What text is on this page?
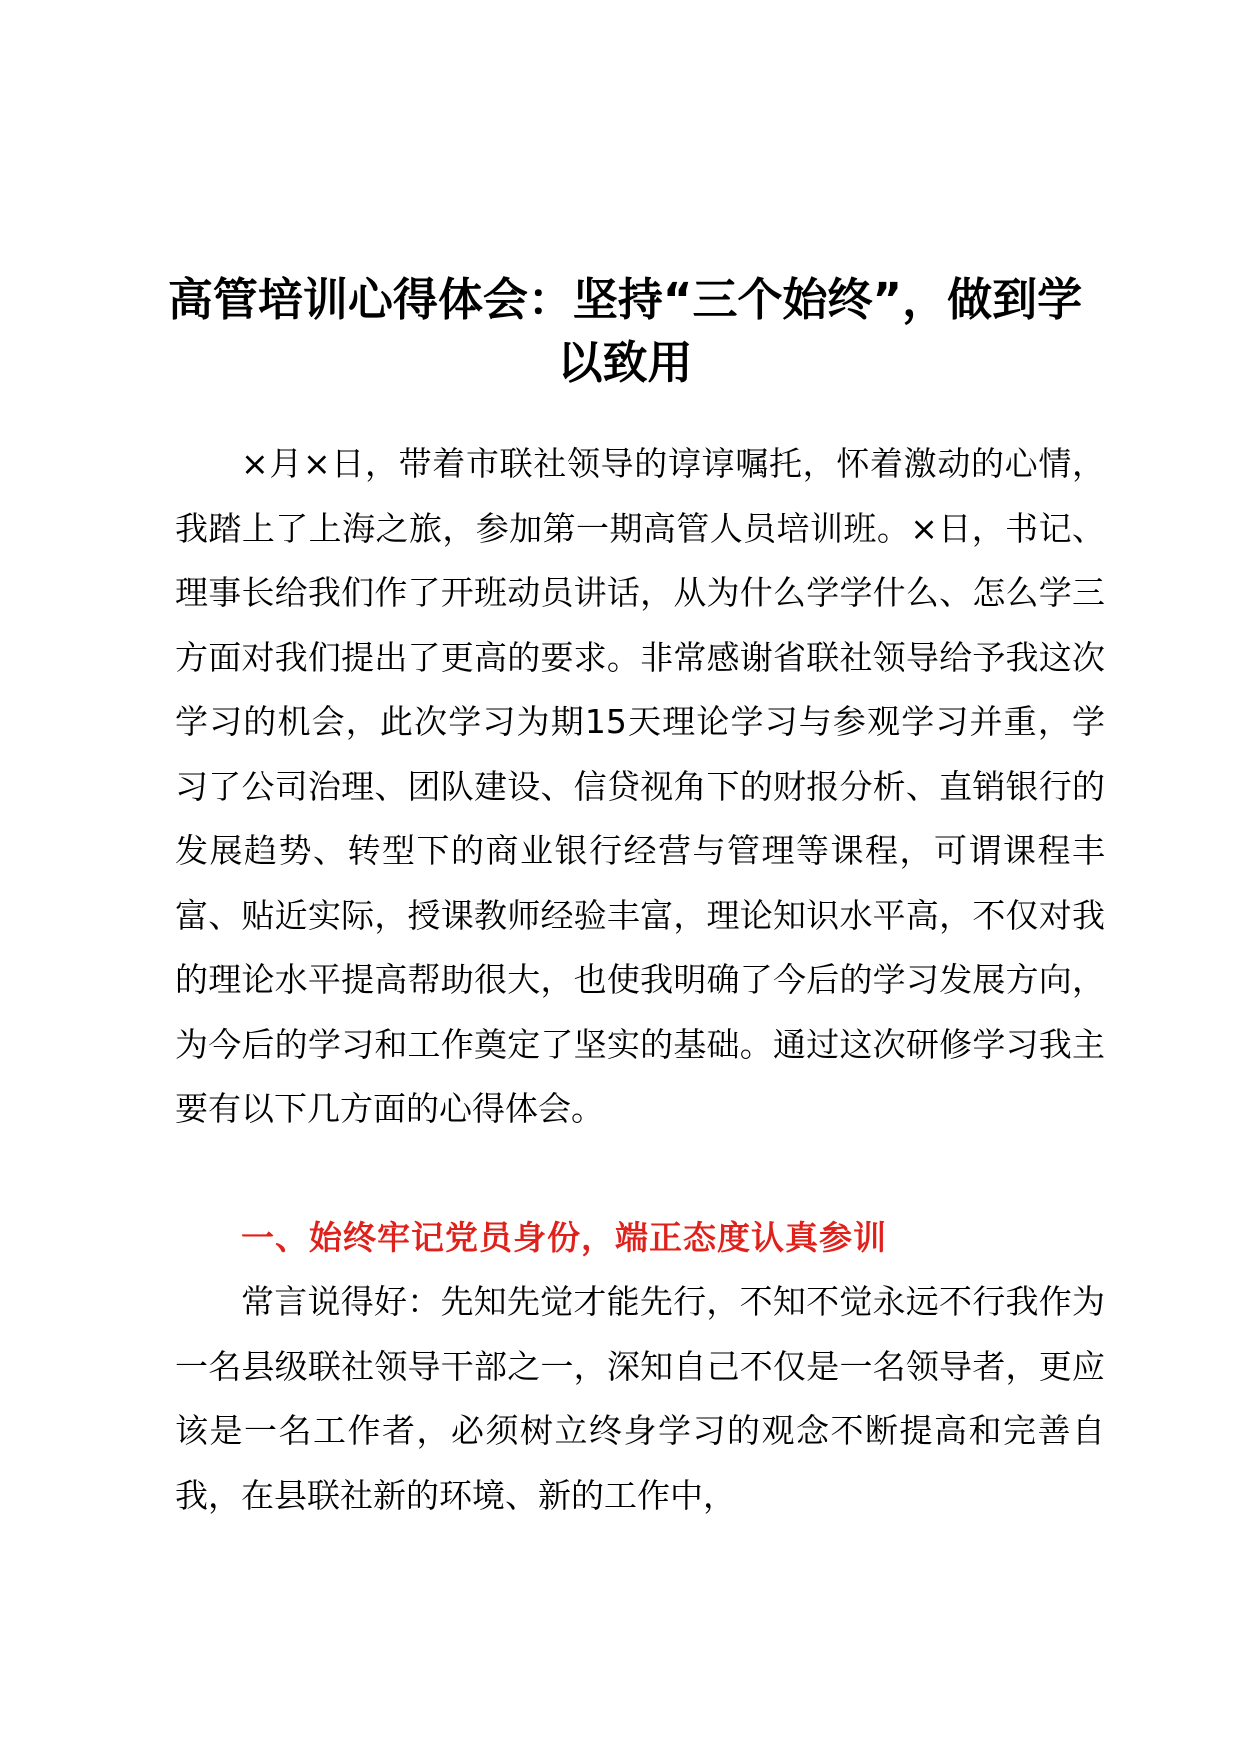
高管培训心得体会：坚持“三个始终”，做到学以致用

×月×日，带着市联社领导的谆谆嘱托，怀着激动的心情，我踏上了上海之旅，参加第一期高管人员培训班。×日，书记、理事长给我们作了开班动员讲话，从为什么学学什么、怎么学三方面对我们提出了更高的要求。非常感谢省联社领导给予我这次学习的机会，此次学习为期15天理论学习与参观学习并重，学习了公司治理、团队建设、信贷视角下的财报分析、直销银行的发展趋势、转型下的商业银行经营与管理等课程，可谓课程丰富、贴近实际，授课教师经验丰富，理论知识水平高，不仅对我的理论水平提高帮助很大，也使我明确了今后的学习发展方向，为今后的学习和工作奠定了坚实的基础。通过这次研修学习我主要有以下几方面的心得体会。

一、始终牢记党员身份，端正态度认真参训

常言说得好：先知先觉才能先行，不知不觉永远不行我作为一名县级联社领导干部之一，深知自己不仅是一名领导者，更应该是一名工作者，必须树立终身学习的观念不断提高和完善自我，在县联社新的环境、新的工作中，
